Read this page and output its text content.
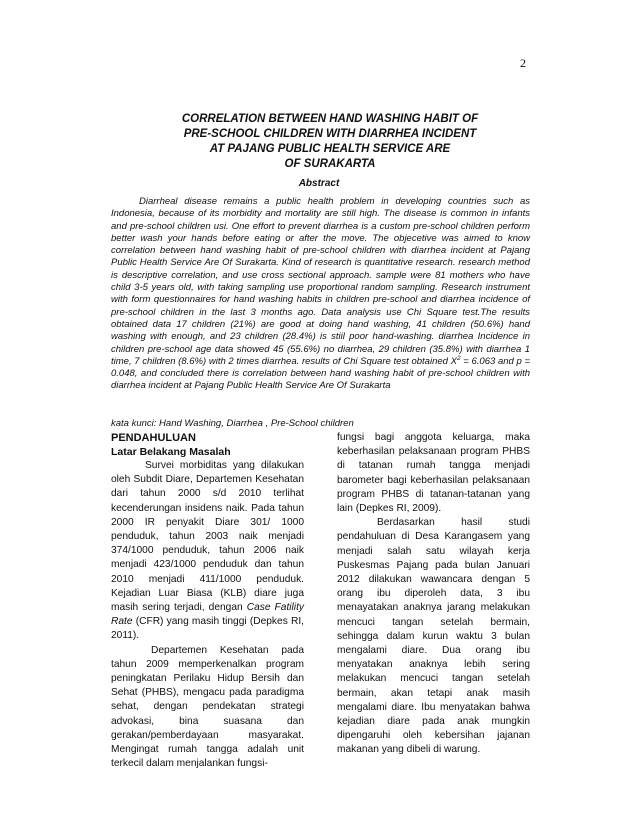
2
CORRELATION BETWEEN HAND WASHING HABIT OF
PRE-SCHOOL CHILDREN WITH DIARRHEA INCIDENT
AT PAJANG PUBLIC HEALTH SERVICE ARE
OF SURAKARTA
Abstract

Diarrheal disease remains a public health problem in developing countries such as Indonesia, because of its morbidity and mortality are still high. The disease is common in infants and pre-school children usi. One effort to prevent diarrhea is a custom pre-school children perform better wash your hands before eating or after the move. The objecetive was aimed to know correlation between hand washing habit of pre-school children with diarrhea incident at Pajang Public Health Service Are Of Surakarta. Kind of research is quantitative research. research method is descriptive correlation, and use cross sectional approach. sample were 81 mothers who have child 3-5 years old, with taking sampling use proportional random sampling. Research instrument with form questionnaires for hand washing habits in children pre-school and diarrhea incidence of pre-school children in the last 3 months ago. Data analysis use Chi Square test.The results obtained data 17 children (21%) are good at doing hand washing, 41 children (50.6%) hand washing with enough, and 23 children (28.4%) is stiil poor hand-washing. diarrhea Incidence in children pre-school age data showed 45 (55.6%) no diarrhea, 29 children (35.8%) with diarrhea 1 time, 7 children (8.6%) with 2 times diarrhea. results of Chi Square test obtained $X^2 = 6.063$ and p = 0.048, and concluded there is correlation between hand washing habit of pre-school children with diarrhea incident at Pajang Public Health Service Are Of Surakarta

kata kunci: Hand Washing, Diarrhea , Pre-School children
PENDAHULUAN
Latar Belakang Masalah

Survei morbiditas yang dilakukan oleh Subdit Diare, Departemen Kesehatan dari tahun 2000 s/d 2010 terlihat kecenderungan insidens naik. Pada tahun 2000 IR penyakit Diare 301/ 1000 penduduk, tahun 2003 naik menjadi 374/1000 penduduk, tahun 2006 naik menjadi 423/1000 penduduk dan tahun 2010 menjadi 411/1000 penduduk. Kejadian Luar Biasa (KLB) diare juga masih sering terjadi, dengan Case Fatility Rate (CFR) yang masih tinggi (Depkes RI, 2011).

Departemen Kesehatan pada tahun 2009 memperkenalkan program peningkatan Perilaku Hidup Bersih dan Sehat (PHBS), mengacu pada paradigma sehat, dengan pendekatan strategi advokasi, bina suasana dan gerakan/pemberdayaan masyarakat. Mengingat rumah tangga adalah unit terkecil dalam menjalankan fungsi-

fungsi bagi anggota keluarga, maka keberhasilan pelaksanaan program PHBS di tatanan rumah tangga menjadi barometer bagi keberhasilan pelaksanaan program PHBS di tatanan-tatanan yang lain (Depkes RI, 2009).

Berdasarkan hasil studi pendahuluan di Desa Karangasem yang menjadi salah satu wilayah kerja Puskesmas Pajang pada bulan Januari 2012 dilakukan wawancara dengan 5 orang ibu diperoleh data, 3 ibu menayatakan anaknya jarang melakukan mencuci tangan setelah bermain, sehingga dalam kurun waktu 3 bulan mengalami diare. Dua orang ibu menyatakan anaknya lebih sering melakukan mencuci tangan setelah bermain, akan tetapi anak masih mengalami diare. Ibu menyatakan bahwa kejadian diare pada anak mungkin dipengaruhi oleh kebersihan jajanan makanan yang dibeli di warung.
